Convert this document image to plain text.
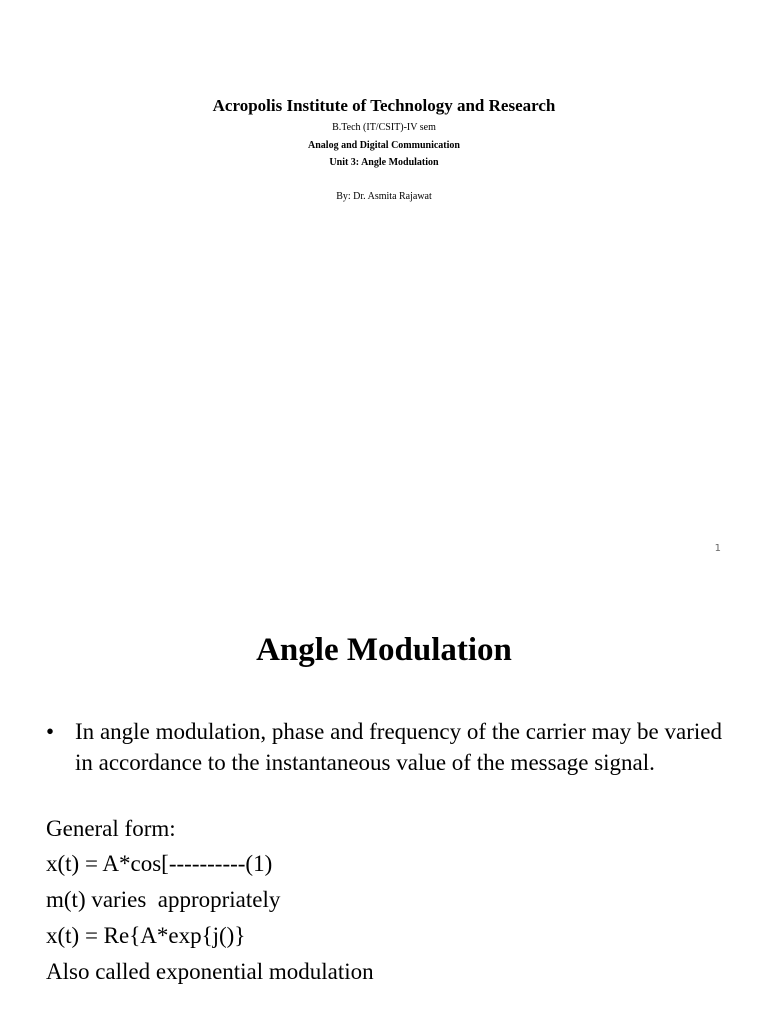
Acropolis Institute of Technology and Research
B.Tech (IT/CSIT)-IV sem
Analog and Digital Communication
Unit 3: Angle Modulation
By: Dr. Asmita Rajawat
1
Angle Modulation
• In angle modulation, phase and frequency of the carrier may be varied in accordance to the instantaneous value of the message signal.
General form:
x(t) = A*cos[----------(1)
m(t) varies  appropriately
x(t) = Re{A*exp{j()}
Also called exponential modulation
